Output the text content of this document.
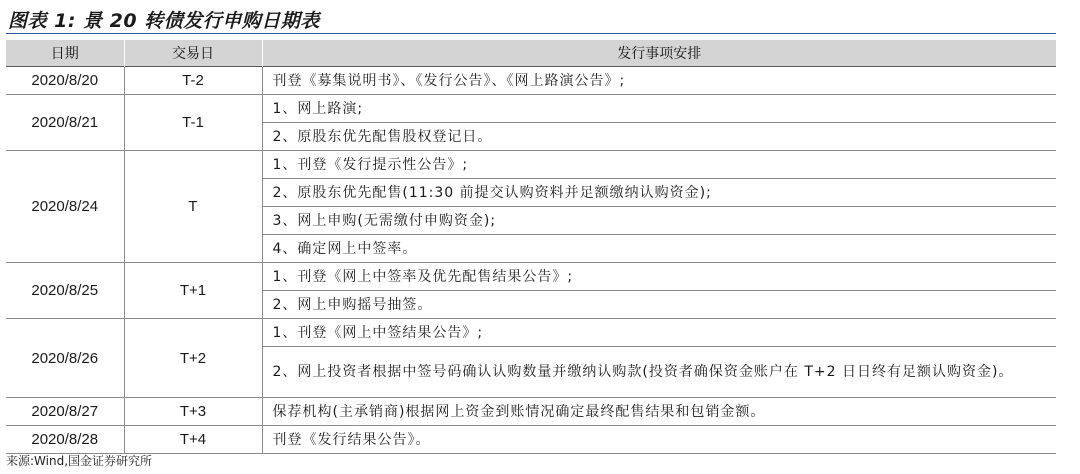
图表 1: 景 20 转债发行申购日期表
日期	交易日	发行事项安排
2020/8/20	T-2	刊登《募集说明书》、《发行公告》、《网上路演公告》;
2020/8/21	T-1	1、网上路演;
		2、原股东优先配售股权登记日。
2020/8/24	T	1、刊登《发行提示性公告》;
		2、原股东优先配售(11:30 前提交认购资料并足额缴纳认购资金);
		3、网上申购(无需缴付申购资金);
		4、确定网上中签率。
2020/8/25	T+1	1、刊登《网上中签率及优先配售结果公告》;
		2、网上申购摇号抽签。
2020/8/26	T+2	1、刊登《网上中签结果公告》;
		2、网上投资者根据中签号码确认认购数量并缴纳认购款(投资者确保资金账户在 T+2 日日终有足额认购资金)。
2020/8/27	T+3	保荐机构(主承销商)根据网上资金到账情况确定最终配售结果和包销金额。
2020/8/28	T+4	刊登《发行结果公告》。
来源:Wind,国金证券研究所
